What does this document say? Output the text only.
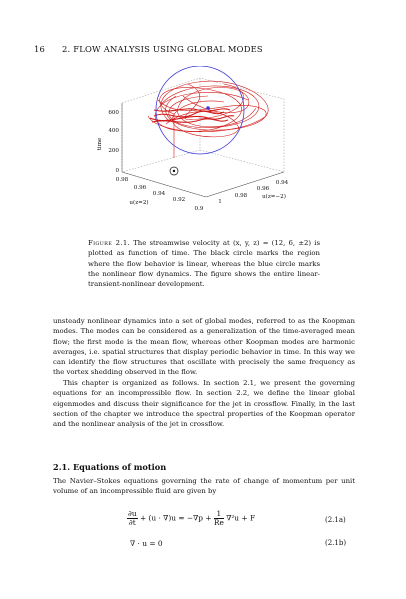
16 2. FLOW ANALYSIS USING GLOBAL MODES
time
600
400
200
0
0.98
0.96
0.94
0.92
0.9
u(z=2)
0.94
0.96
0.98
1
u(z=−2)
Figure 2.1. The streamwise velocity at (x, y, z) = (12, 6, ±2) is plotted as function of time. The black circle marks the region where the flow behavior is linear, whereas the blue circle marks the nonlinear flow dynamics. The figure shows the entire linear-transient-nonlinear development.

unsteady nonlinear dynamics into a set of global modes, referred to as the Koopman modes. The modes can be considered as a generalization of the time-averaged mean flow; the first mode is the mean flow, whereas other Koopman modes are harmonic averages, i.e. spatial structures that display periodic behavior in time. In this way we can identify the flow structures that oscillate with precisely the same frequency as the vortex shedding observed in the flow.

This chapter is organized as follows. In section 2.1, we present the governing equations for an incompressible flow. In section 2.2, we define the linear global eigenmodes and discuss their significance for the jet in crossflow. Finally, in the last section of the chapter we introduce the spectral properties of the Koopman operator and the nonlinear analysis of the jet in crossflow.

2.1. Equations of motion

The Navier–Stokes equations governing the rate of change of momentum per unit volume of an incompressible fluid are given by

$\frac{\partial u}{\partial t} + (u \cdot \nabla)u = -\nabla p + \frac{1}{Re} \nabla^2u + F$	(2.1a)
∇ · u = 0	(2.1b)
